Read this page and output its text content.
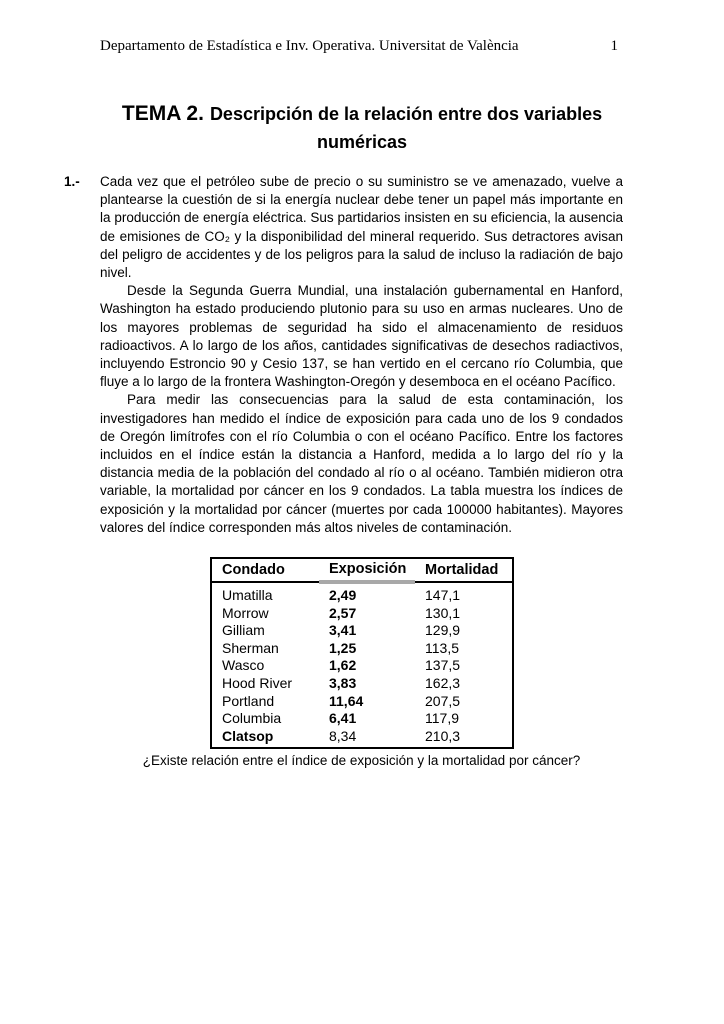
Departamento de Estadística e Inv. Operativa. Universitat de València	1
TEMA 2. Descripción de la relación entre dos variables numéricas

1.- Cada vez que el petróleo sube de precio o su suministro se ve amenazado, vuelve a plantearse la cuestión de si la energía nuclear debe tener un papel más importante en la producción de energía eléctrica. Sus partidarios insisten en su eficiencia, la ausencia de emisiones de CO₂ y la disponibilidad del mineral requerido. Sus detractores avisan del peligro de accidentes y de los peligros para la salud de incluso la radiación de bajo nivel.

Desde la Segunda Guerra Mundial, una instalación gubernamental en Hanford, Washington ha estado produciendo plutonio para su uso en armas nucleares. Uno de los mayores problemas de seguridad ha sido el almacenamiento de residuos radioactivos. A lo largo de los años, cantidades significativas de desechos radiactivos, incluyendo Estroncio 90 y Cesio 137, se han vertido en el cercano río Columbia, que fluye a lo largo de la frontera Washington-Oregón y desemboca en el océano Pacífico.

Para medir las consecuencias para la salud de esta contaminación, los investigadores han medido el índice de exposición para cada uno de los 9 condados de Oregón limítrofes con el río Columbia o con el océano Pacífico. Entre los factores incluidos en el índice están la distancia a Hanford, medida a lo largo del río y la distancia media de la población del condado al río o al océano. También midieron otra variable, la mortalidad por cáncer en los 9 condados. La tabla muestra los índices de exposición y la mortalidad por cáncer (muertes por cada 100000 habitantes). Mayores valores del índice corresponden más altos niveles de contaminación.

Condado	Exposición	Mortalidad
Umatilla	2,49	147,1
Morrow	2,57	130,1
Gilliam	3,41	129,9
Sherman	1,25	113,5
Wasco	1,62	137,5
Hood River	3,83	162,3
Portland	11,64	207,5
Columbia	6,41	117,9
Clatsop	8,34	210,3
¿Existe relación entre el índice de exposición y la mortalidad por cáncer?
